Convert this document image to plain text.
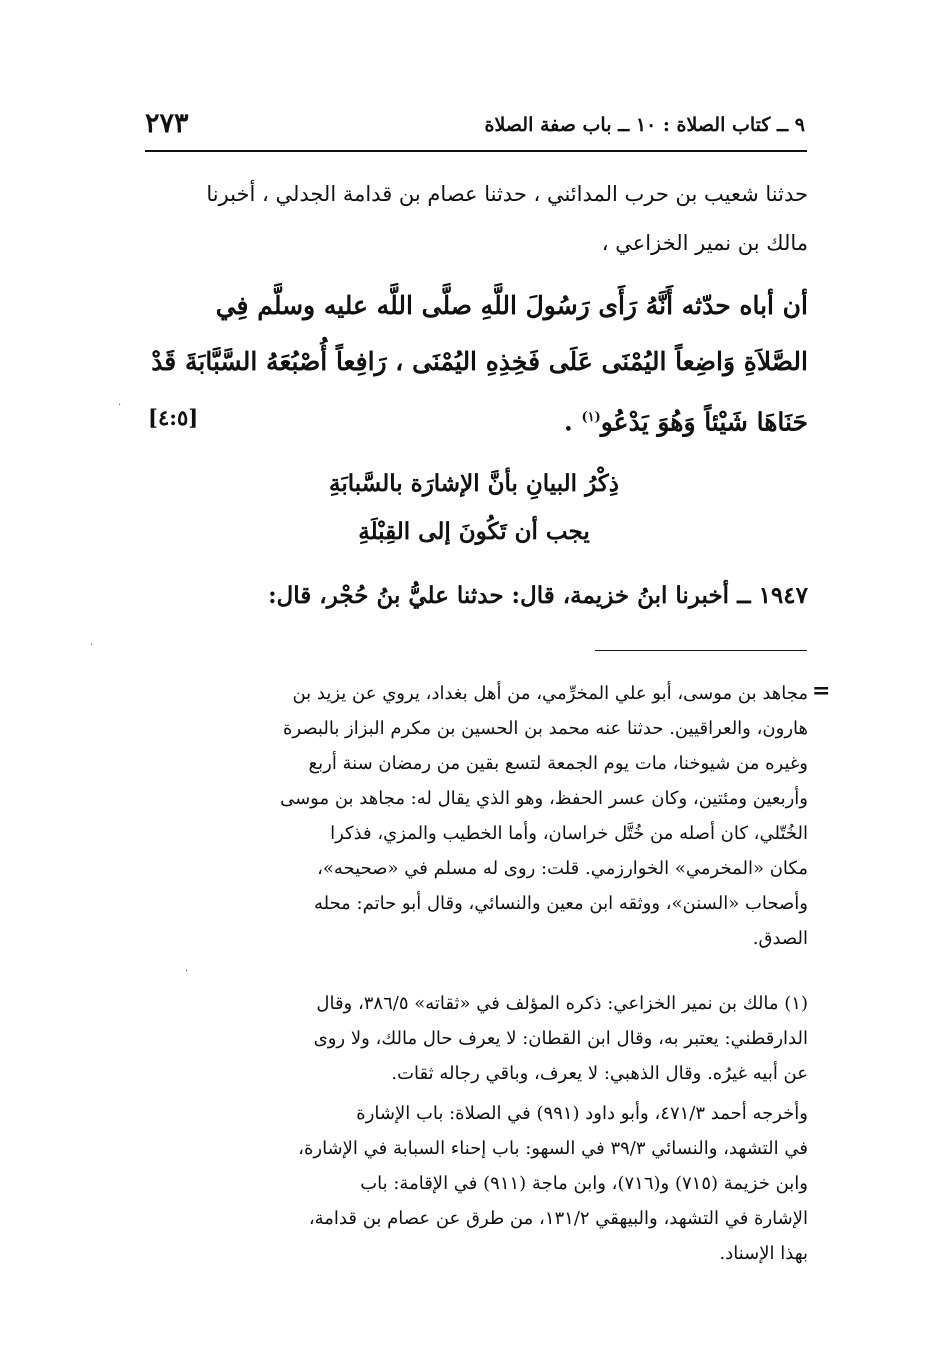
٩ ــ كتاب الصلاة : ١٠ ــ باب صفة الصلاة
٢٧٣
حدثنا شعيب بن حرب المدائني ، حدثنا عصام بن قدامة الجدلي ، أخبرنا
مالك بن نمير الخزاعي ،
أن أباه حدّثه أَنَّهُ رَأَى رَسُولَ اللَّهِ صلَّى اللَّه عليه وسلَّم فِي
الصَّلاَةِ وَاضِعاً اليُمْنَى عَلَى فَخِذِهِ اليُمْنَى ، رَافِعاً أُصْبُعَهُ السَّبَّابَةَ قَدْ
حَنَاهَا شَيْئاً وَهُوَ يَدْعُو$^{(١)}$ .
[٤:٥]
ذِكْرُ البيانِ بأنَّ الإشارَة بالسَّبابَةِ
يجب أن تَكُونَ إلى القِبْلَةِ
١٩٤٧ ــ أخبرنا ابنُ خزيمة، قال: حدثنا عليُّ بنُ حُجْر، قال:
=
مجاهد بن موسى، أبو علي المخرِّمي، من أهل بغداد، يروي عن يزيد بن
هارون، والعراقيين. حدثنا عنه محمد بن الحسين بن مكرم البزاز بالبصرة
وغيره من شيوخنا، مات يوم الجمعة لتسع بقين من رمضان سنة أربع
وأربعين ومئتين، وكان عسر الحفظ، وهو الذي يقال له: مجاهد بن موسى
الخُتّلي، كان أصله من خُتَّل خراسان، وأما الخطيب والمزي، فذكرا
مكان «المخرمي» الخوارزمي. قلت: روى له مسلم في «صحيحه»،
وأصحاب «السنن»، ووثقه ابن معين والنسائي، وقال أبو حاتم: محله
الصدق.
(١) مالك بن نمير الخزاعي: ذكره المؤلف في «ثقاته» ٣٨٦/٥، وقال
الدارقطني: يعتبر به، وقال ابن القطان: لا يعرف حال مالك، ولا روى
عن أبيه غيرُه. وقال الذهبي: لا يعرف، وباقي رجاله ثقات.
وأخرجه أحمد ٤٧١/٣، وأبو داود (٩٩١) في الصلاة: باب الإشارة
في التشهد، والنسائي ٣٩/٣ في السهو: باب إحناء السبابة في الإشارة،
وابن خزيمة (٧١٥) و(٧١٦)، وابن ماجة (٩١١) في الإقامة: باب
الإشارة في التشهد، والبيهقي ١٣١/٢، من طرق عن عصام بن قدامة،
بهذا الإسناد.
·
·
·
